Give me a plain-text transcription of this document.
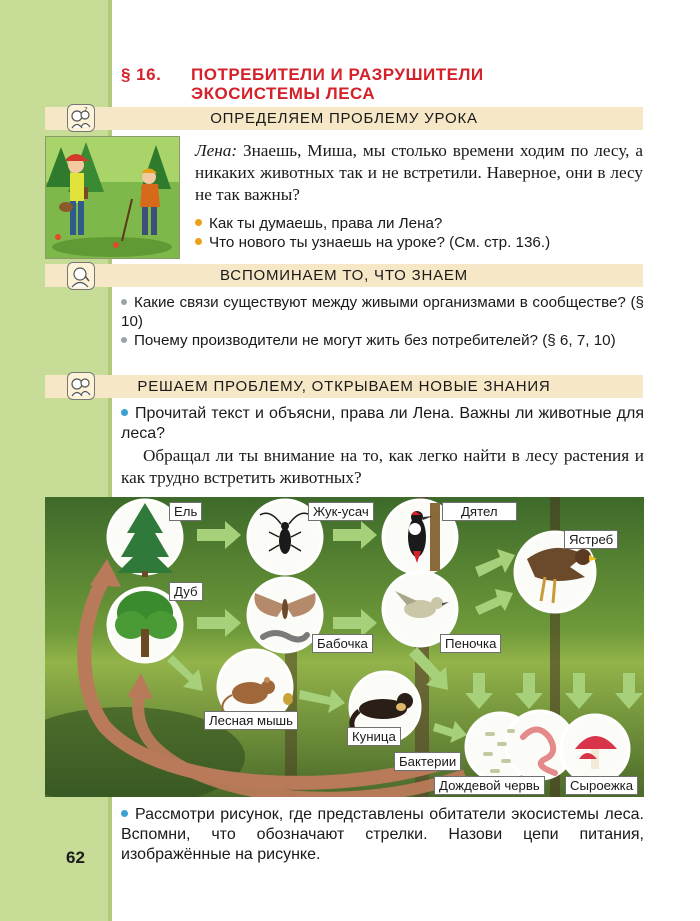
§ 16. ПОТРЕБИТЕЛИ И РАЗРУШИТЕЛИ
ЭКОСИСТЕМЫ ЛЕСА
ОПРЕДЕЛЯЕМ ПРОБЛЕМУ УРОКА
?
Лена: Знаешь, Миша, мы столько времени ходим по лесу, а никаких животных так и не встретили. Наверное, они в лесу не так важны?
Как ты думаешь, права ли Лена?
Что нового ты узнаешь на уроке? (См. стр. 136.)
ВСПОМИНАЕМ ТО, ЧТО ЗНАЕМ
Какие связи существуют между живыми организмами в сообществе? (§ 10)
Почему производители не могут жить без потребителей? (§ 6, 7, 10)
РЕШАЕМ ПРОБЛЕМУ, ОТКРЫВАЕМ НОВЫЕ ЗНАНИЯ
Прочитай текст и объясни, права ли Лена. Важны ли животные для леса?
Обращал ли ты внимание на то, как легко найти в лесу растения и как трудно встретить животных?
Ель	Жук-усач	Дятел
Ястреб
Дуб
Бабочка	Пеночка
Лесная мышь
Куница
Бактерии
Дождевой червь	Сыроежка
Рассмотри рисунок, где представлены обитатели экосистемы леса. Вспомни, что обозначают стрелки. Назови цепи питания, изображённые на рисунке.
62
